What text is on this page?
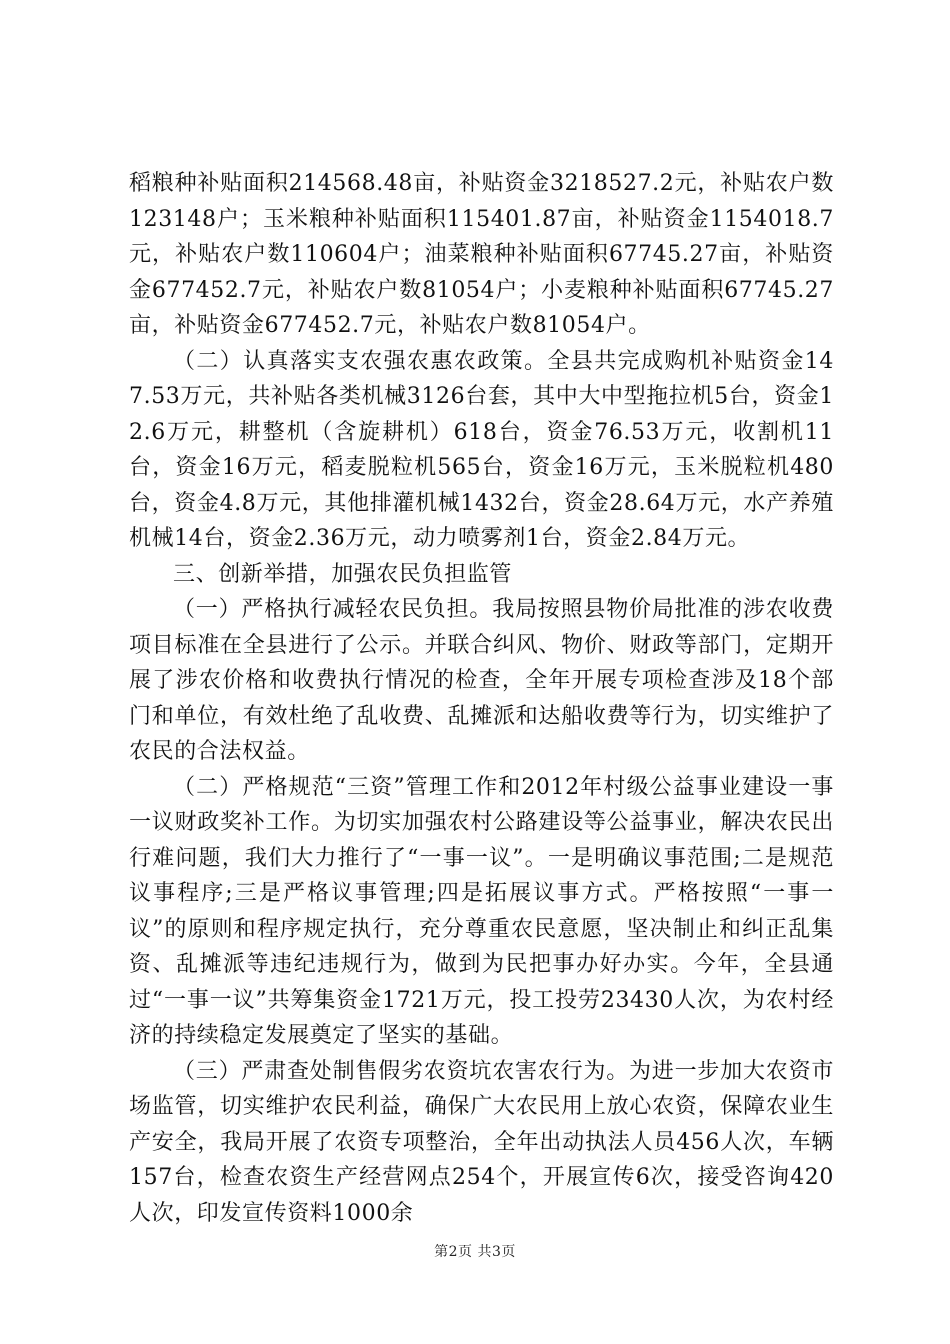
稻粮种补贴面积214568.48亩，补贴资金3218527.2元，补贴农户数123148户；玉米粮种补贴面积115401.87亩，补贴资金1154018.7元，补贴农户数110604户；油菜粮种补贴面积67745.27亩，补贴资金677452.7元，补贴农户数81054户；小麦粮种补贴面积67745.27亩，补贴资金677452.7元，补贴农户数81054户。

（二）认真落实支农强农惠农政策。全县共完成购机补贴资金147.53万元，共补贴各类机械3126台套，其中大中型拖拉机5台，资金12.6万元，耕整机（含旋耕机）618台，资金76.53万元，收割机11台，资金16万元，稻麦脱粒机565台，资金16万元，玉米脱粒机480台，资金4.8万元，其他排灌机械1432台，资金28.64万元，水产养殖机械14台，资金2.36万元，动力喷雾剂1台，资金2.84万元。

三、创新举措，加强农民负担监管

（一）严格执行减轻农民负担。我局按照县物价局批准的涉农收费项目标准在全县进行了公示。并联合纠风、物价、财政等部门，定期开展了涉农价格和收费执行情况的检查，全年开展专项检查涉及18个部门和单位，有效杜绝了乱收费、乱摊派和达船收费等行为，切实维护了农民的合法权益。

（二）严格规范“三资”管理工作和2012年村级公益事业建设一事一议财政奖补工作。为切实加强农村公路建设等公益事业，解决农民出行难问题，我们大力推行了“一事一议”。一是明确议事范围;二是规范议事程序;三是严格议事管理;四是拓展议事方式。严格按照“一事一议”的原则和程序规定执行，充分尊重农民意愿，坚决制止和纠正乱集资、乱摊派等违纪违规行为，做到为民把事办好办实。今年，全县通过“一事一议”共筹集资金1721万元，投工投劳23430人次，为农村经济的持续稳定发展奠定了坚实的基础。

（三）严肃查处制售假劣农资坑农害农行为。为进一步加大农资市场监管，切实维护农民利益，确保广大农民用上放心农资，保障农业生产安全，我局开展了农资专项整治，全年出动执法人员456人次，车辆157台，检查农资生产经营网点254个，开展宣传6次，接受咨询420人次，印发宣传资料1000余

第2页 共3页
